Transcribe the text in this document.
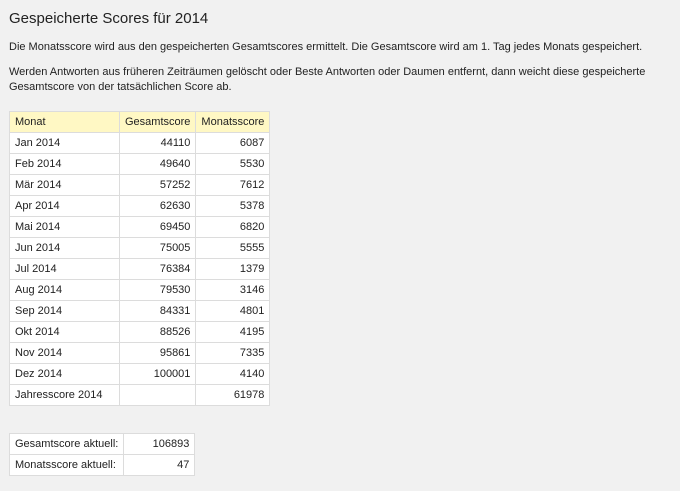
Gespeicherte Scores für 2014
Die Monatsscore wird aus den gespeicherten Gesamtscores ermittelt. Die Gesamtscore wird am 1. Tag jedes Monats gespeichert.
Werden Antworten aus früheren Zeiträumen gelöscht oder Beste Antworten oder Daumen entfernt, dann weicht diese gespeicherte Gesamtscore von der tatsächlichen Score ab.
Monat	Gesamtscore	Monatsscore
Jan 2014	44110	6087
Feb 2014	49640	5530
Mär 2014	57252	7612
Apr 2014	62630	5378
Mai 2014	69450	6820
Jun 2014	75005	5555
Jul 2014	76384	1379
Aug 2014	79530	3146
Sep 2014	84331	4801
Okt 2014	88526	4195
Nov 2014	95861	7335
Dez 2014	100001	4140
Jahresscore 2014		61978
Gesamtscore aktuell:	106893
Monatsscore aktuell:	47
